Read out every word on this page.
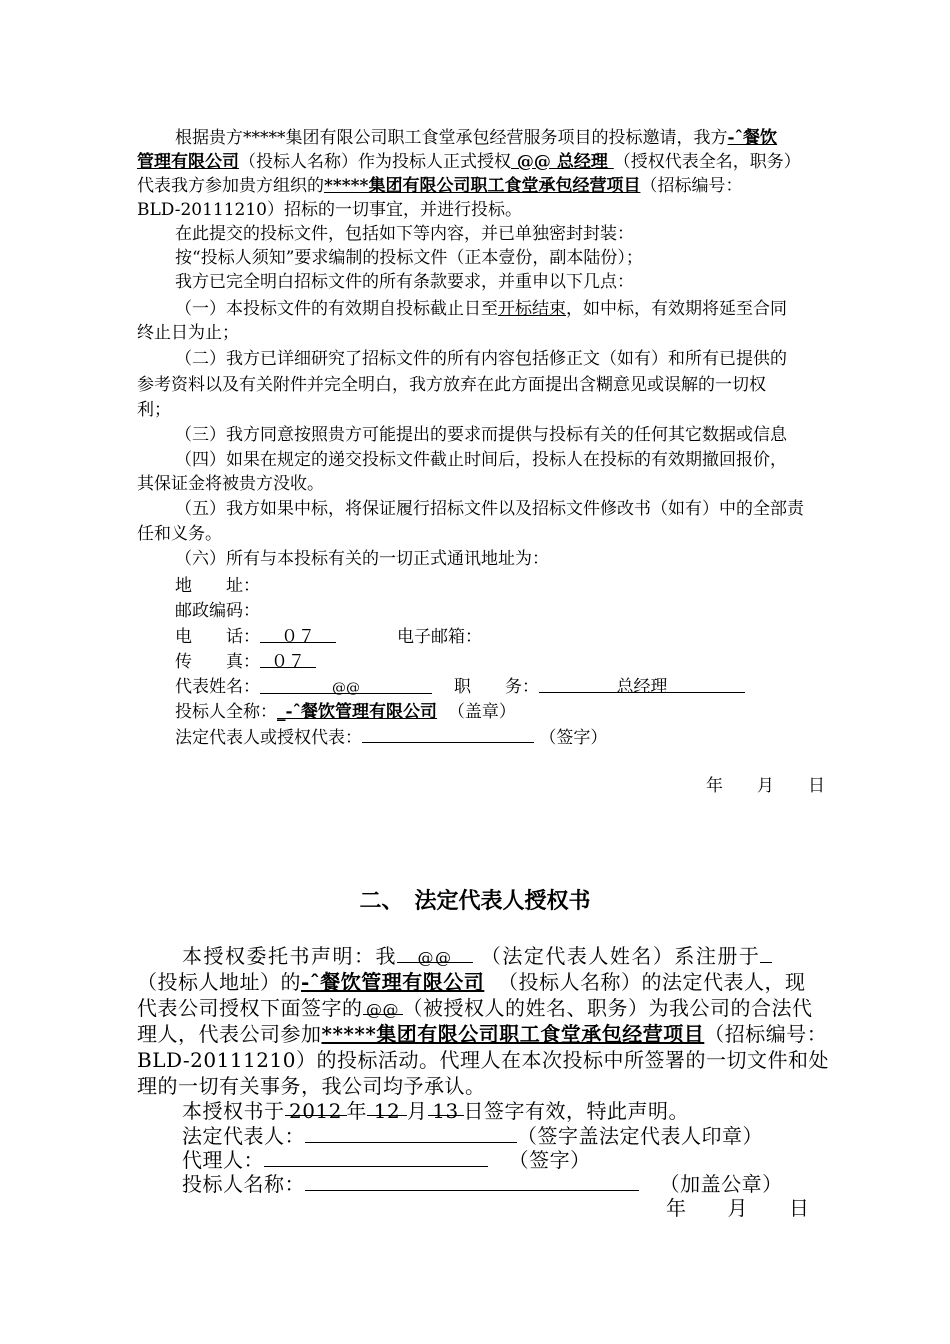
根据贵方*****集团有限公司职工食堂承包经营服务项目的投标邀请，我方-ˆ餐饮
管理有限公司（投标人名称）作为投标人正式授权 @@ 总经理 （授权代表全名，职务）
代表我方参加贵方组织的*****集团有限公司职工食堂承包经营项目（招标编号：
BLD-20111210）招标的一切事宜，并进行投标。
在此提交的投标文件，包括如下等内容，并已单独密封封装：
按“投标人须知”要求编制的投标文件（正本壹份，副本陆份）；
我方已完全明白招标文件的所有条款要求，并重申以下几点：
（一）本投标文件的有效期自投标截止日至开标结束，如中标，有效期将延至合同
终止日为止；
（二）我方已详细研究了招标文件的所有内容包括修正文（如有）和所有已提供的
参考资料以及有关附件并完全明白，我方放弃在此方面提出含糊意见或误解的一切权
利；
（三）我方同意按照贵方可能提出的要求而提供与投标有关的任何其它数据或信息
（四）如果在规定的递交投标文件截止时间后，投标人在投标的有效期撤回报价，
其保证金将被贵方没收。
（五）我方如果中标，将保证履行招标文件以及招标文件修改书（如有）中的全部责
任和义务。
（六）所有与本投标有关的一切正式通讯地址为：
地　　址：
邮政编码：
电　　话： ０７	电子邮箱：
传　　真： ０７
代表姓名：	@@	职　　务：	总经理
投标人全称：_-ˆ餐饮管理有限公司 （盖章）
法定代表人或授权代表：	（签字）
年　　月　　日
二、　法定代表人授权书
本授权委托书声明：我 @@ （法定代表人姓名）系注册于
（投标人地址）的-ˆ餐饮管理有限公司 （投标人名称）的法定代表人，现
代表公司授权下面签字的 @@ （被授权人的姓名、职务）为我公司的合法代
理人，代表公司参加*****集团有限公司职工食堂承包经营项目（招标编号：
BLD-20111210）的投标活动。代理人在本次投标中所签署的一切文件和处
理的一切有关事务，我公司均予承认。
本授权书于 2012 年 12 月 13 日签字有效，特此声明。
法定代表人：	（签字盖法定代表人印章）
代理人：	（签字）
投标人名称：	（加盖公章）
年　　月　　日
